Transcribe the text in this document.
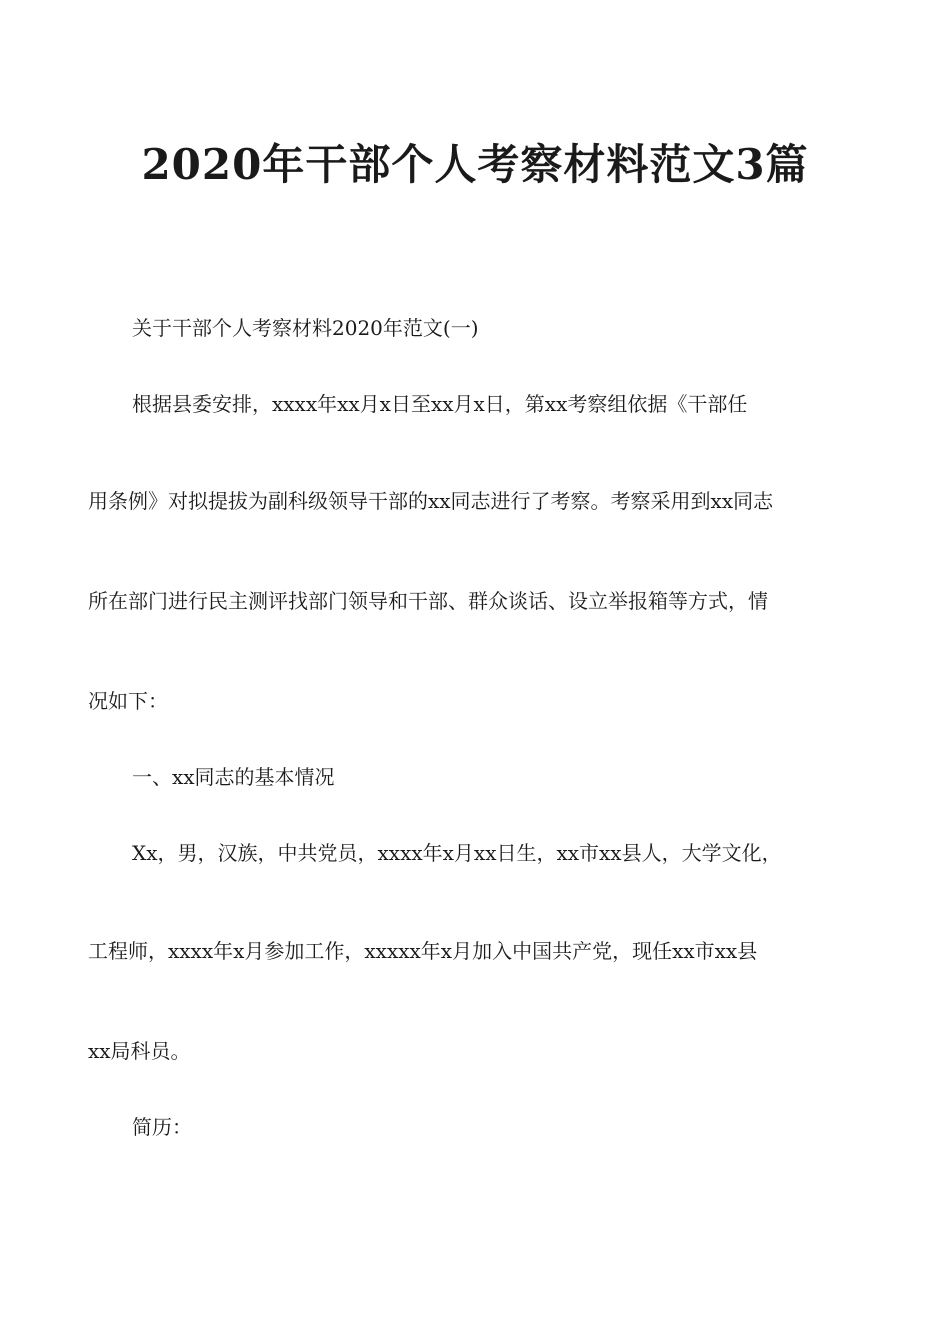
2020年干部个人考察材料范文3篇

关于干部个人考察材料2020年范文(一)

根据县委安排，xxxx年xx月x日至xx月x日，第xx考察组依据《干部任

用条例》对拟提拔为副科级领导干部的xx同志进行了考察。考察采用到xx同志

所在部门进行民主测评找部门领导和干部、群众谈话、设立举报箱等方式，情

况如下：

一、xx同志的基本情况

Xx，男，汉族，中共党员，xxxx年x月xx日生，xx市xx县人，大学文化，

工程师，xxxx年x月参加工作，xxxxx年x月加入中国共产党，现任xx市xx县

xx局科员。

简历：
